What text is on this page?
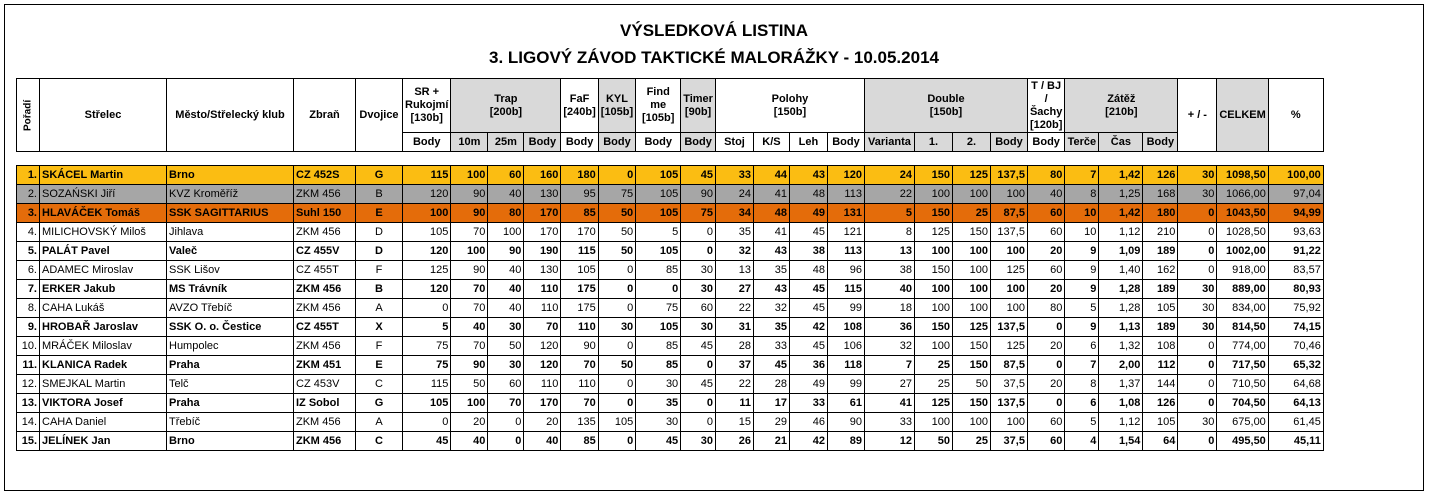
VÝSLEDKOVÁ LISTINA
3. LIGOVÝ ZÁVOD TAKTICKÉ MALORÁŽKY - 10.05.2014
Pořadí	Střelec	Město/Střelecký klub	Zbraň	Dvojice	SR + Rukojmí [130b]	Trap
[200b]			FaF [240b]	KYL [105b]	Find me [105b]	Timer [90b]	Polohy
[150b]				Double
[150b]				T / BJ / Šachy [120b]	Zátěž
[210b]			+ / -	CELKEM	%
					Body	10m	25m	Body	Body	Body	Body	Body	Stoj	K/S	Leh	Body	Varianta	1.	2.	Body	Body	Terče	Čas	Body			

1.	SKÁCEL Martin	Brno	CZ 452S	G	115	100	60	160	180	0	105	45	33	44	43	120	24	150	125	137,5	80	7	1,42	126	30	1098,50	100,00
2.	SOZAŃSKI Jiří	KVZ Kroměříž	ZKM 456	B	120	90	40	130	95	75	105	90	24	41	48	113	22	100	100	100	40	8	1,25	168	30	1066,00	97,04
3.	HLAVÁČEK Tomáš	SSK SAGITTARIUS	Suhl 150	E	100	90	80	170	85	50	105	75	34	48	49	131	5	150	25	87,5	60	10	1,42	180	0	1043,50	94,99
4.	MILICHOVSKÝ Miloš	Jihlava	ZKM 456	D	105	70	100	170	170	50	5	0	35	41	45	121	8	125	150	137,5	60	10	1,12	210	0	1028,50	93,63
5.	PALÁT Pavel	Valeč	CZ 455V	D	120	100	90	190	115	50	105	0	32	43	38	113	13	100	100	100	20	9	1,09	189	0	1002,00	91,22
6.	ADAMEC Miroslav	SSK Lišov	CZ 455T	F	125	90	40	130	105	0	85	30	13	35	48	96	38	150	100	125	60	9	1,40	162	0	918,00	83,57
7.	ERKER Jakub	MS Trávník	ZKM 456	B	120	70	40	110	175	0	0	30	27	43	45	115	40	100	100	100	20	9	1,28	189	30	889,00	80,93
8.	CAHA Lukáš	AVZO Třebíč	ZKM 456	A	0	70	40	110	175	0	75	60	22	32	45	99	18	100	100	100	80	5	1,28	105	30	834,00	75,92
9.	HROBAŘ Jaroslav	SSK O. o. Čestice	CZ 455T	X	5	40	30	70	110	30	105	30	31	35	42	108	36	150	125	137,5	0	9	1,13	189	30	814,50	74,15
10.	MRÁČEK Miloslav	Humpolec	ZKM 456	F	75	70	50	120	90	0	85	45	28	33	45	106	32	100	150	125	20	6	1,32	108	0	774,00	70,46
11.	KLANICA Radek	Praha	ZKM 451	E	75	90	30	120	70	50	85	0	37	45	36	118	7	25	150	87,5	0	7	2,00	112	0	717,50	65,32
12.	SMEJKAL Martin	Telč	CZ 453V	C	115	50	60	110	110	0	30	45	22	28	49	99	27	25	50	37,5	20	8	1,37	144	0	710,50	64,68
13.	VIKTORA Josef	Praha	IZ Sobol	G	105	100	70	170	70	0	35	0	11	17	33	61	41	125	150	137,5	0	6	1,08	126	0	704,50	64,13
14.	CAHA Daniel	Třebíč	ZKM 456	A	0	20	0	20	135	105	30	0	15	29	46	90	33	100	100	100	60	5	1,12	105	30	675,00	61,45
15.	JELÍNEK Jan	Brno	ZKM 456	C	45	40	0	40	85	0	45	30	26	21	42	89	12	50	25	37,5	60	4	1,54	64	0	495,50	45,11
